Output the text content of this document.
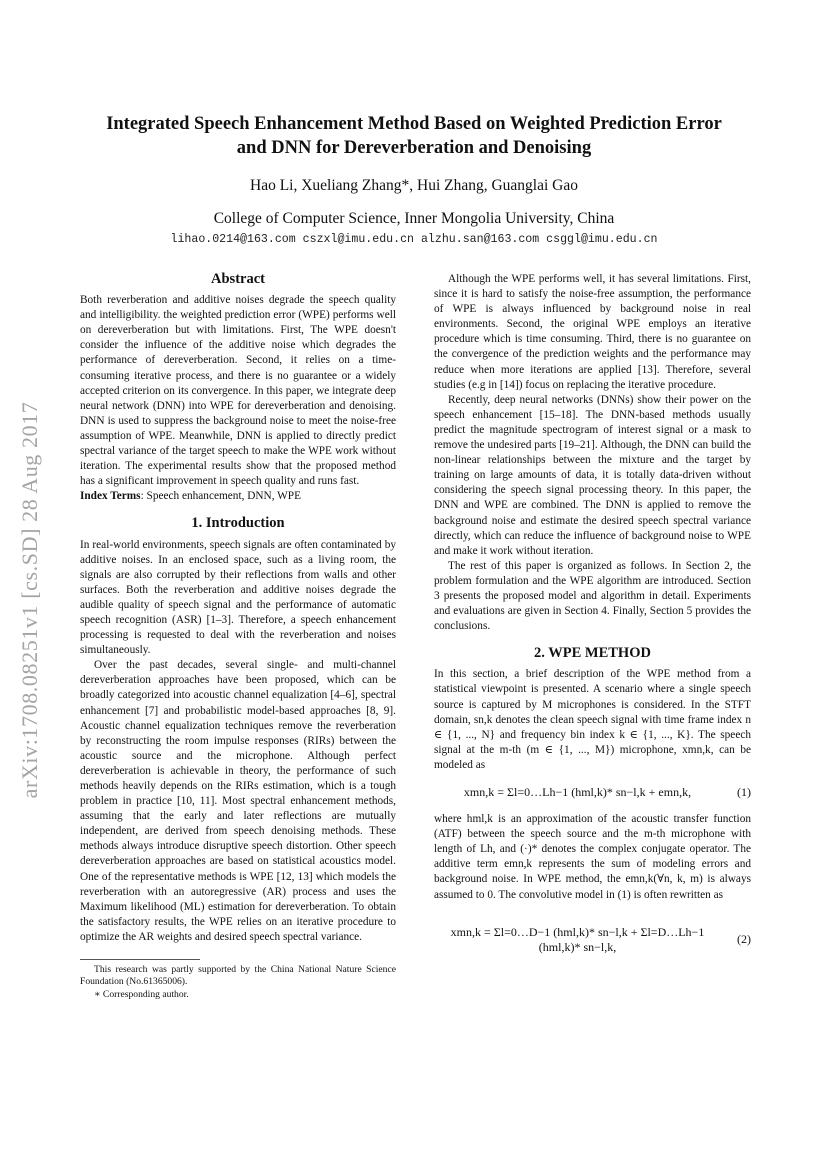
arXiv:1708.08251v1 [cs.SD] 28 Aug 2017
Integrated Speech Enhancement Method Based on Weighted Prediction Error
and DNN for Dereverberation and Denoising
Hao Li, Xueliang Zhang*, Hui Zhang, Guanglai Gao
College of Computer Science, Inner Mongolia University, China
lihao.0214@163.com cszxl@imu.edu.cn alzhu.san@163.com csggl@imu.edu.cn
Abstract

Both reverberation and additive noises degrade the speech quality and intelligibility. the weighted prediction error (WPE) performs well on dereverberation but with limitations. First, The WPE doesn't consider the influence of the additive noise which degrades the performance of dereverberation. Second, it relies on a time-consuming iterative process, and there is no guarantee or a widely accepted criterion on its convergence. In this paper, we integrate deep neural network (DNN) into WPE for dereverberation and denoising. DNN is used to suppress the background noise to meet the noise-free assumption of WPE. Meanwhile, DNN is applied to directly predict spectral variance of the target speech to make the WPE work without iteration. The experimental results show that the proposed method has a significant improvement in speech quality and runs fast.

Index Terms: Speech enhancement, DNN, WPE

1. Introduction

In real-world environments, speech signals are often contaminated by additive noises. In an enclosed space, such as a living room, the signals are also corrupted by their reflections from walls and other surfaces. Both the reverberation and additive noises degrade the audible quality of speech signal and the performance of automatic speech recognition (ASR) [1–3]. Therefore, a speech enhancement processing is requested to deal with the reverberation and noises simultaneously.

Over the past decades, several single- and multi-channel dereverberation approaches have been proposed, which can be broadly categorized into acoustic channel equalization [4–6], spectral enhancement [7] and probabilistic model-based approaches [8, 9]. Acoustic channel equalization techniques remove the reverberation by reconstructing the room impulse responses (RIRs) between the acoustic source and the microphone. Although perfect dereverberation is achievable in theory, the performance of such methods heavily depends on the RIRs estimation, which is a tough problem in practice [10, 11]. Most spectral enhancement methods, assuming that the early and later reflections are mutually independent, are derived from speech denoising methods. These methods always introduce disruptive speech distortion. Other speech dereverberation approaches are based on statistical acoustics model. One of the representative methods is WPE [12, 13] which models the reverberation with an autoregressive (AR) process and uses the Maximum likelihood (ML) estimation for dereverberation. To obtain the satisfactory results, the WPE relies on an iterative procedure to optimize the AR weights and desired speech spectral variance.

This research was partly supported by the China National Nature Science Foundation (No.61365006).

∗ Corresponding author.

Although the WPE performs well, it has several limitations. First, since it is hard to satisfy the noise-free assumption, the performance of WPE is always influenced by background noise in real environments. Second, the original WPE employs an iterative procedure which is time consuming. Third, there is no guarantee on the convergence of the prediction weights and the performance may reduce when more iterations are applied [13]. Therefore, several studies (e.g in [14]) focus on replacing the iterative procedure.

Recently, deep neural networks (DNNs) show their power on the speech enhancement [15–18]. The DNN-based methods usually predict the magnitude spectrogram of interest signal or a mask to remove the undesired parts [19–21]. Although, the DNN can build the non-linear relationships between the mixture and the target by training on large amounts of data, it is totally data-driven without considering the speech signal processing theory. In this paper, the DNN and WPE are combined. The DNN is applied to remove the background noise and estimate the desired speech spectral variance directly, which can reduce the influence of background noise to WPE and make it work without iteration.

The rest of this paper is organized as follows. In Section 2, the problem formulation and the WPE algorithm are introduced. Section 3 presents the proposed model and algorithm in detail. Experiments and evaluations are given in Section 4. Finally, Section 5 provides the conclusions.

2. WPE METHOD

In this section, a brief description of the WPE method from a statistical viewpoint is presented. A scenario where a single speech source is captured by M microphones is considered. In the STFT domain, sn,k denotes the clean speech signal with time frame index n ∈ {1, ..., N} and frequency bin index k ∈ {1, ..., K}. The speech signal at the m-th (m ∈ {1, ..., M}) microphone, xmn,k, can be modeled as

xmn,k = Σl=0…Lh−1 (hml,k)* sn−l,k + emn,k,	(1)

where hml,k is an approximation of the acoustic transfer function (ATF) between the speech source and the m-th microphone with length of Lh, and (·)* denotes the complex conjugate operator. The additive term emn,k represents the sum of modeling errors and background noise. In WPE method, the emn,k(∀n, k, m) is always assumed to 0. The convolutive model in (1) is often rewritten as

xmn,k = Σl=0…D−1 (hml,k)* sn−l,k + Σl=D…Lh−1 (hml,k)* sn−l,k,
(2)
